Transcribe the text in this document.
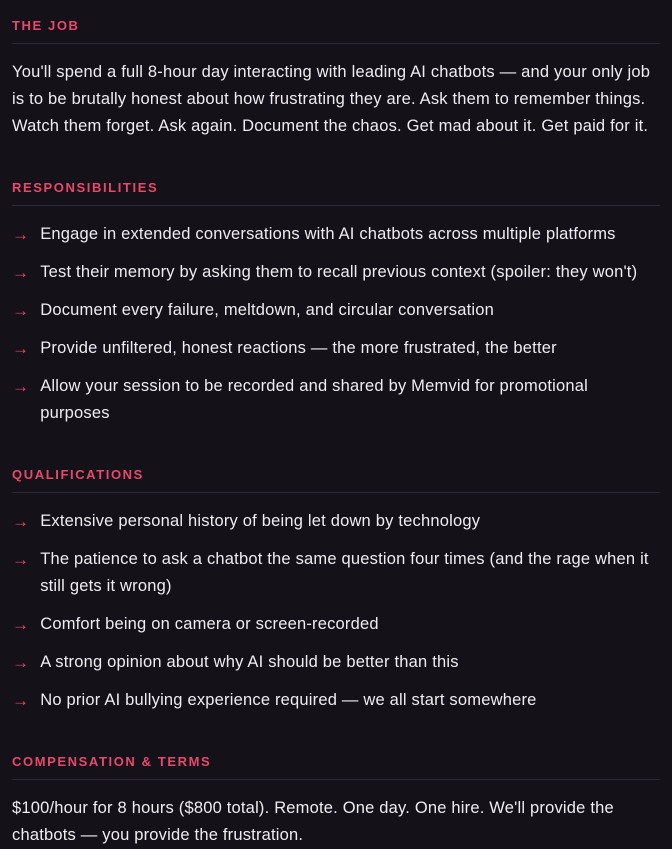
THE JOB
You'll spend a full 8-hour day interacting with leading AI chatbots — and your only job is to be brutally honest about how frustrating they are. Ask them to remember things. Watch them forget. Ask again. Document the chaos. Get mad about it. Get paid for it.
RESPONSIBILITIES
→ Engage in extended conversations with AI chatbots across multiple platforms
→ Test their memory by asking them to recall previous context (spoiler: they won't)
→ Document every failure, meltdown, and circular conversation
→ Provide unfiltered, honest reactions — the more frustrated, the better
→ Allow your session to be recorded and shared by Memvid for promotional purposes
QUALIFICATIONS
→ Extensive personal history of being let down by technology
→ The patience to ask a chatbot the same question four times (and the rage when it still gets it wrong)
→ Comfort being on camera or screen-recorded
→ A strong opinion about why AI should be better than this
→ No prior AI bullying experience required — we all start somewhere
COMPENSATION & TERMS
$100/hour for 8 hours ($800 total). Remote. One day. One hire. We'll provide the chatbots — you provide the frustration.
